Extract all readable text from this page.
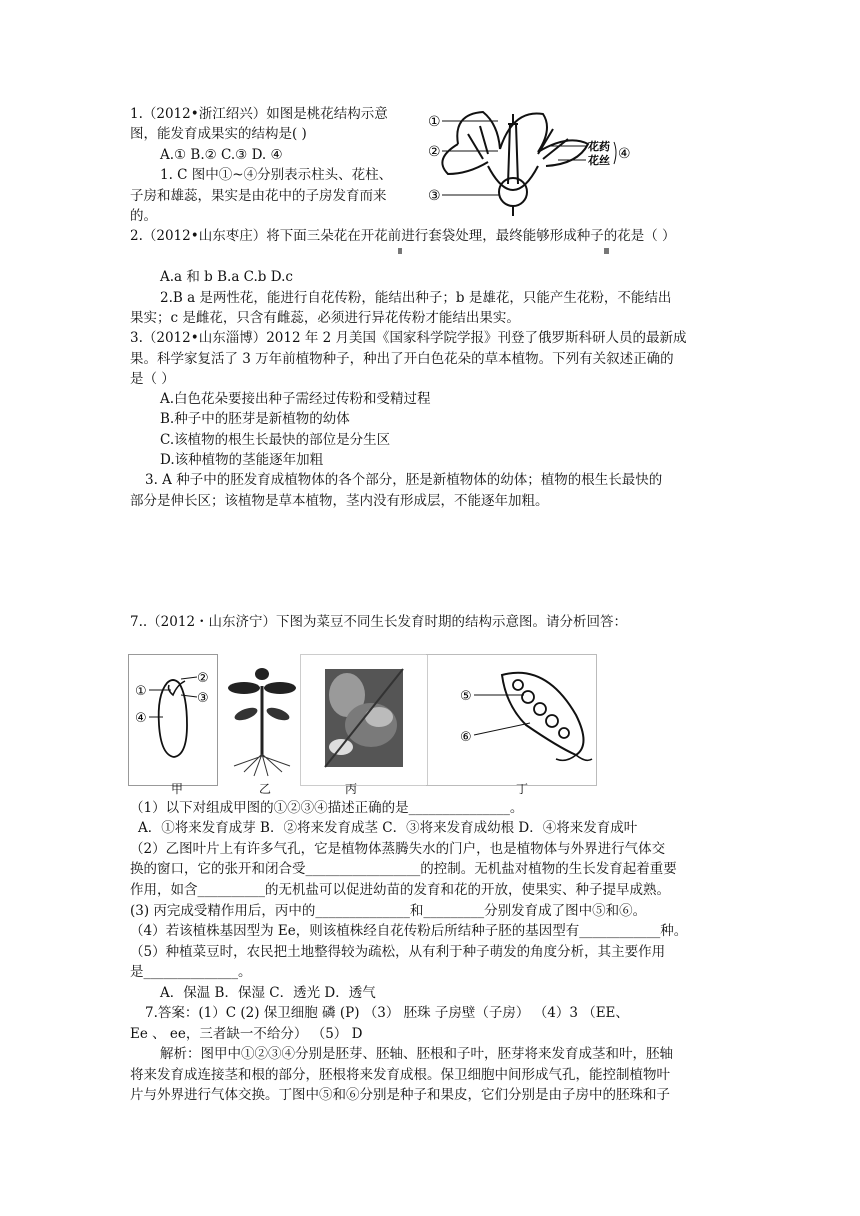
1.（2012•浙江绍兴）如图是桃花结构示意
图，能发育成果实的结构是( )
A.① B.② C.③ D. ④
1. C 图中①~④分别表示柱头、花柱、
子房和雄蕊，果实是由花中的子房发育而来
的。
①
②
③
花药
花丝 ④
2.（2012•山东枣庄）将下面三朵花在开花前进行套袋处理，最终能够形成种子的花是（ ）
A.a 和 b B.a C.b D.c
2.B a 是两性花，能进行自花传粉，能结出种子；b 是雄花，只能产生花粉，不能结出
果实；c 是雌花，只含有雌蕊，必须进行异花传粉才能结出果实。
3.（2012•山东淄博）2012 年 2 月美国《国家科学院学报》刊登了俄罗斯科研人员的最新成
果。科学家复活了 3 万年前植物种子，种出了开白色花朵的草本植物。下列有关叙述正确的
是（ ）
A.白色花朵要接出种子需经过传粉和受精过程
B.种子中的胚芽是新植物的幼体
C.该植物的根生长最快的部位是分生区
D.该种植物的茎能逐年加粗
3. A 种子中的胚发育成植物体的各个部分，胚是新植物体的幼体；植物的根生长最快的
部分是伸长区；该植物是草本植物，茎内没有形成层，不能逐年加粗。
7..（2012・山东济宁）下图为菜豆不同生长发育时期的结构示意图。请分析回答：
①
②
③
④
⑤
⑥
甲	乙	丙	丁
（1）以下对组成甲图的①②③④描述正确的是_______________。
A．①将来发育成芽 B．②将来发育成茎 C．③将来发育成幼根 D．④将来发育成叶
（2）乙图叶片上有许多气孔，它是植物体蒸腾失水的门户，也是植物体与外界进行气体交
换的窗口，它的张开和闭合受_________________的控制。无机盐对植物的生长发育起着重要
作用，如含__________的无机盐可以促进幼苗的发育和花的开放，使果实、种子提早成熟。
(3) 丙完成受精作用后，丙中的______________和_________分别发育成了图中⑤和⑥。
（4）若该植株基因型为 Ee，则该植株经自花传粉后所结种子胚的基因型有____________种。
（5）种植菜豆时，农民把土地整得较为疏松，从有利于种子萌发的角度分析，其主要作用
是______________。
A．保温 B．保湿 C．透光 D．透气
7.答案：(1）C (2) 保卫细胞 磷 (P) （3） 胚珠 子房壁（子房） （4）3 （EE、
Ee 、 ee，三者缺一不给分） （5） D
解析：图甲中①②③④分别是胚芽、胚轴、胚根和子叶，胚芽将来发育成茎和叶，胚轴
将来发育成连接茎和根的部分，胚根将来发育成根。保卫细胞中间形成气孔，能控制植物叶
片与外界进行气体交换。丁图中⑤和⑥分别是种子和果皮，它们分别是由子房中的胚珠和子
